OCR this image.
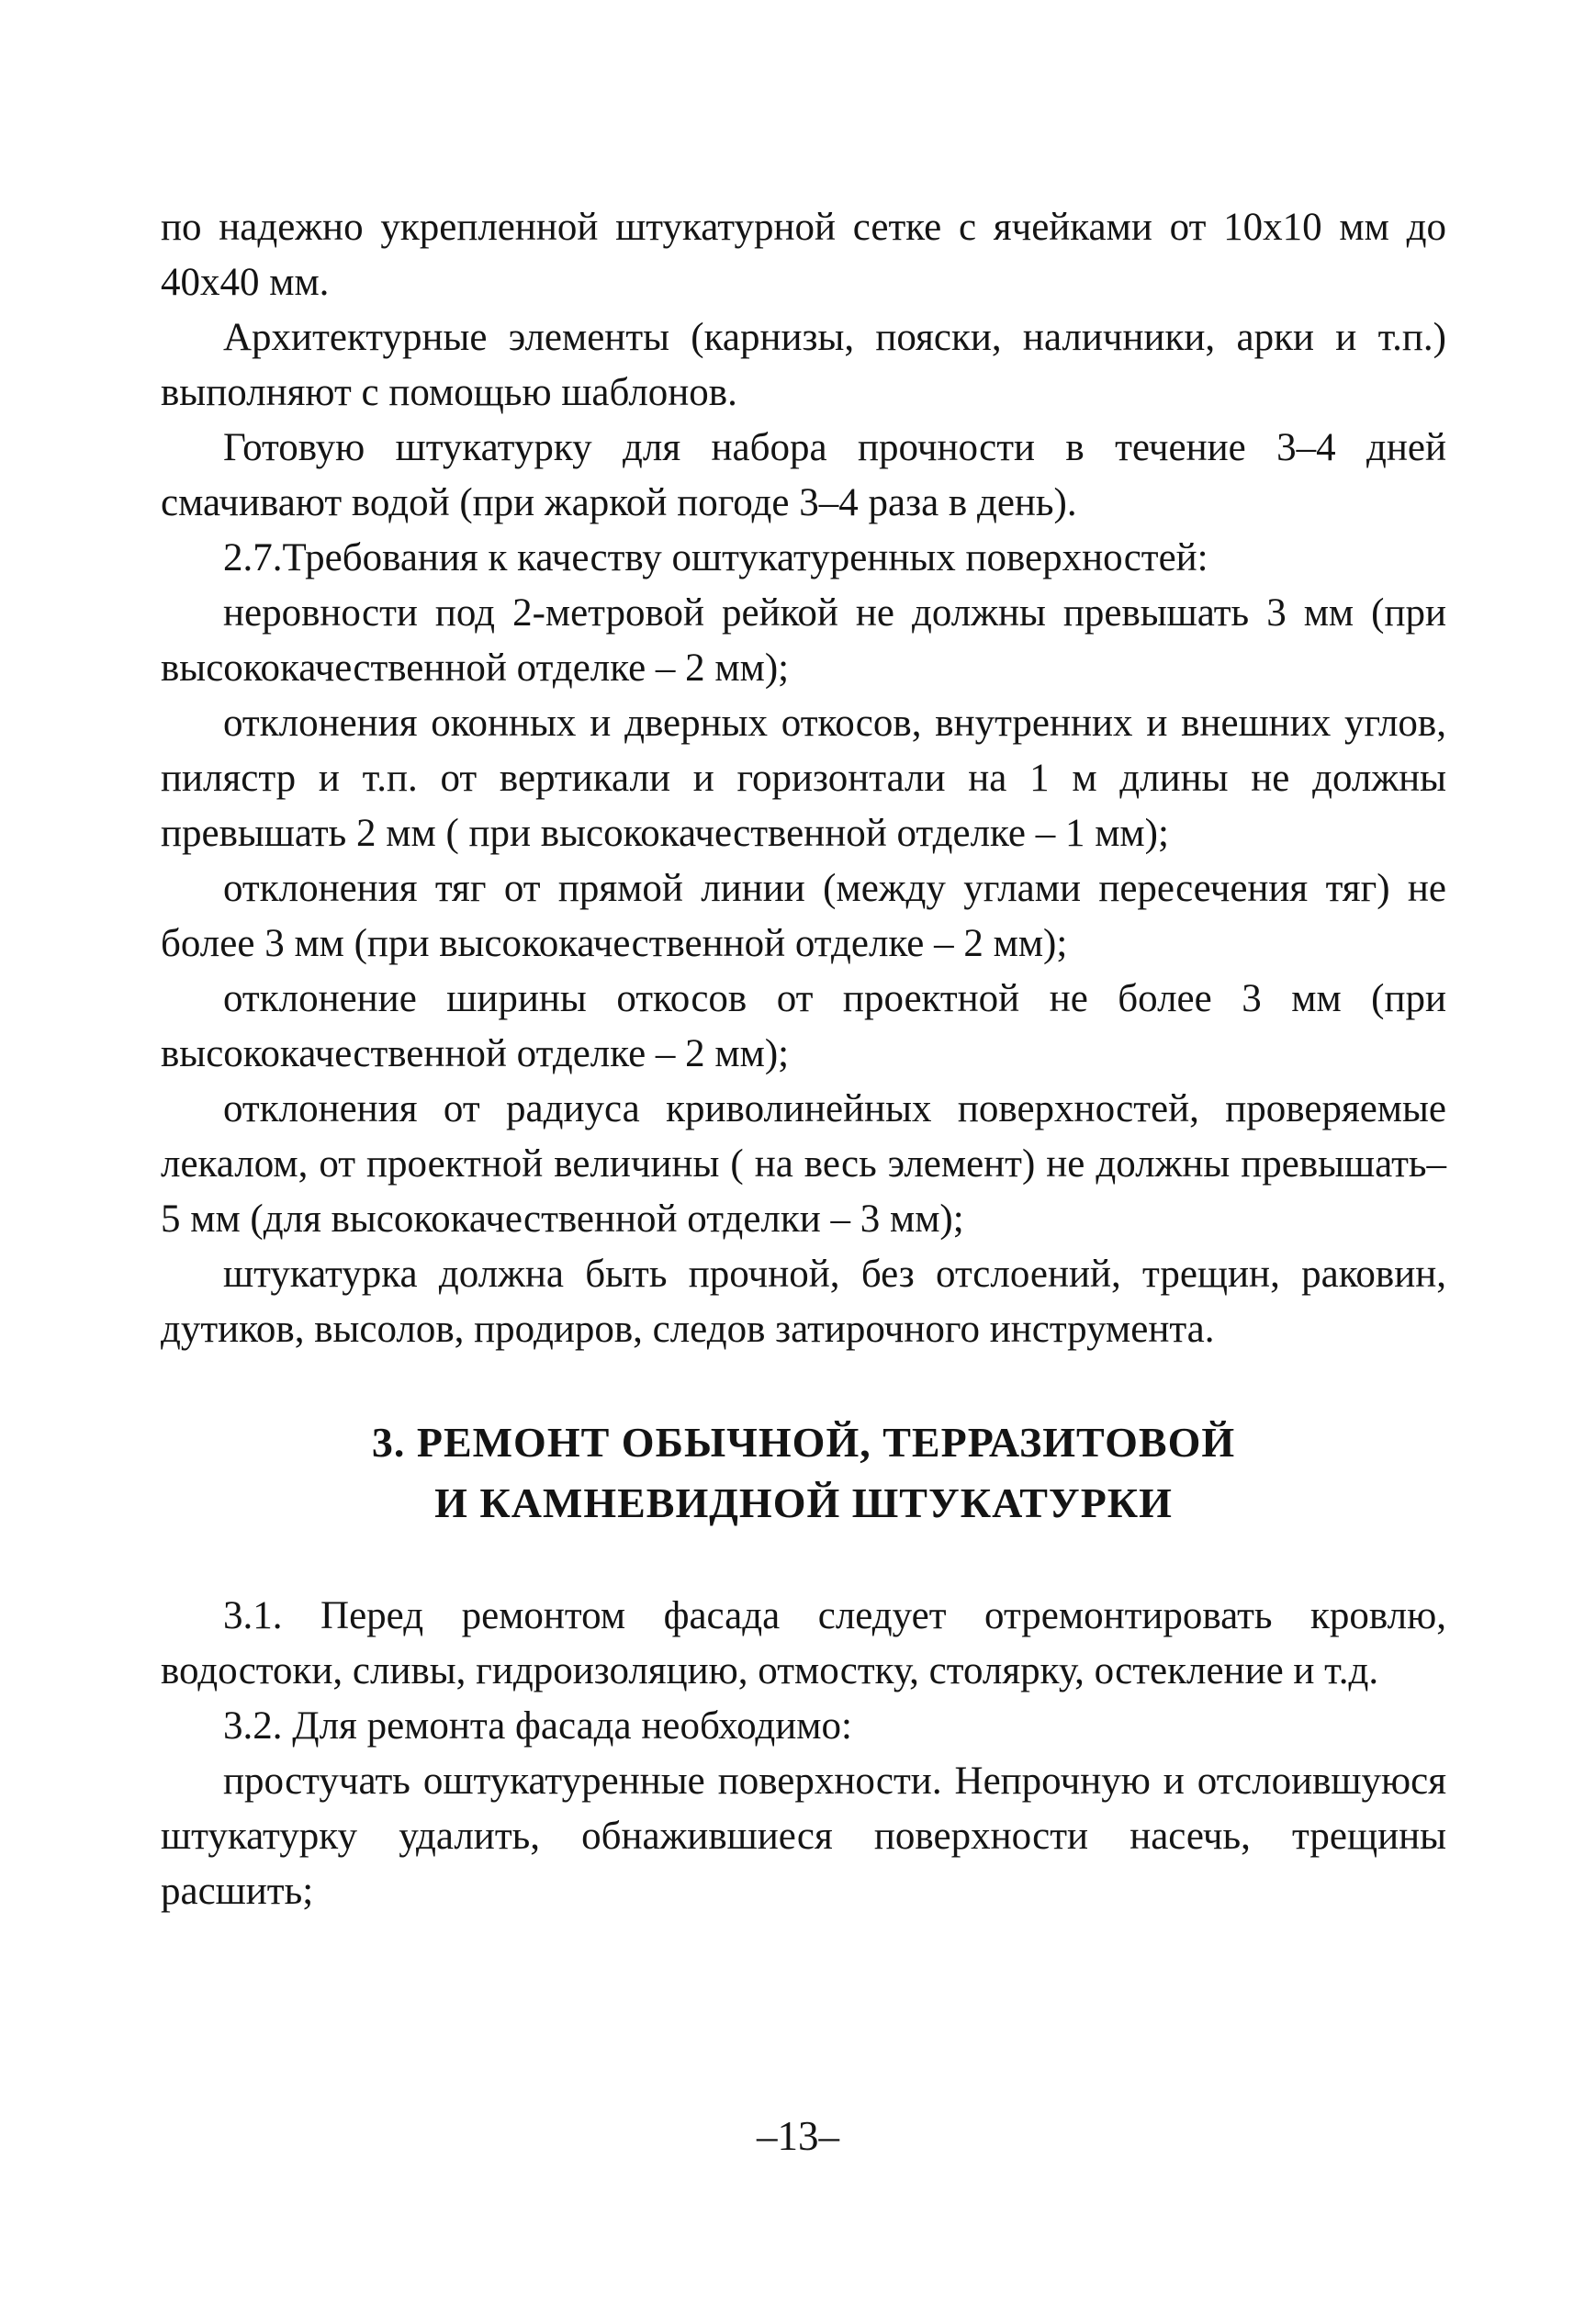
по надежно укрепленной штукатурной сетке с ячейками от 10х10 мм до 40х40 мм.

Архитектурные элементы (карнизы, пояски, наличники, арки и т.п.) выполняют с помощью шаблонов.

Готовую штукатурку для набора прочности в течение 3–4 дней смачивают водой (при жаркой погоде 3–4 раза в день).

2.7.Требования к качеству оштукатуренных поверхностей:

неровности под 2-метровой рейкой не должны превышать 3 мм (при высококачественной отделке – 2 мм);

отклонения оконных и дверных откосов, внутренних и внешних углов, пилястр и т.п. от вертикали и горизонтали на 1 м длины не должны превышать 2 мм ( при высококачественной отделке – 1 мм);

отклонения тяг от прямой линии (между углами пересечения тяг) не более 3 мм (при высококачественной отделке – 2 мм);

отклонение ширины откосов от проектной не более 3 мм (при высококачественной отделке – 2 мм);

отклонения от радиуса криволинейных поверхностей, проверяемые лекалом, от проектной величины ( на весь элемент) не должны превышать– 5 мм (для высококачественной отделки – 3 мм);

штукатурка должна быть прочной, без отслоений, трещин, раковин, дутиков, высолов, продиров, следов затирочного инструмента.

3. РЕМОНТ ОБЫЧНОЙ, ТЕРРАЗИТОВОЙ
И КАМНЕВИДНОЙ ШТУКАТУРКИ

3.1. Перед ремонтом фасада следует отремонтировать кровлю, водостоки, сливы, гидроизоляцию, отмостку, столярку, остекление и т.д.

3.2. Для ремонта фасада необходимо:

простучать оштукатуренные поверхности. Непрочную и отслоившуюся штукатурку удалить, обнажившиеся поверхности насечь, трещины расшить;

–13–
